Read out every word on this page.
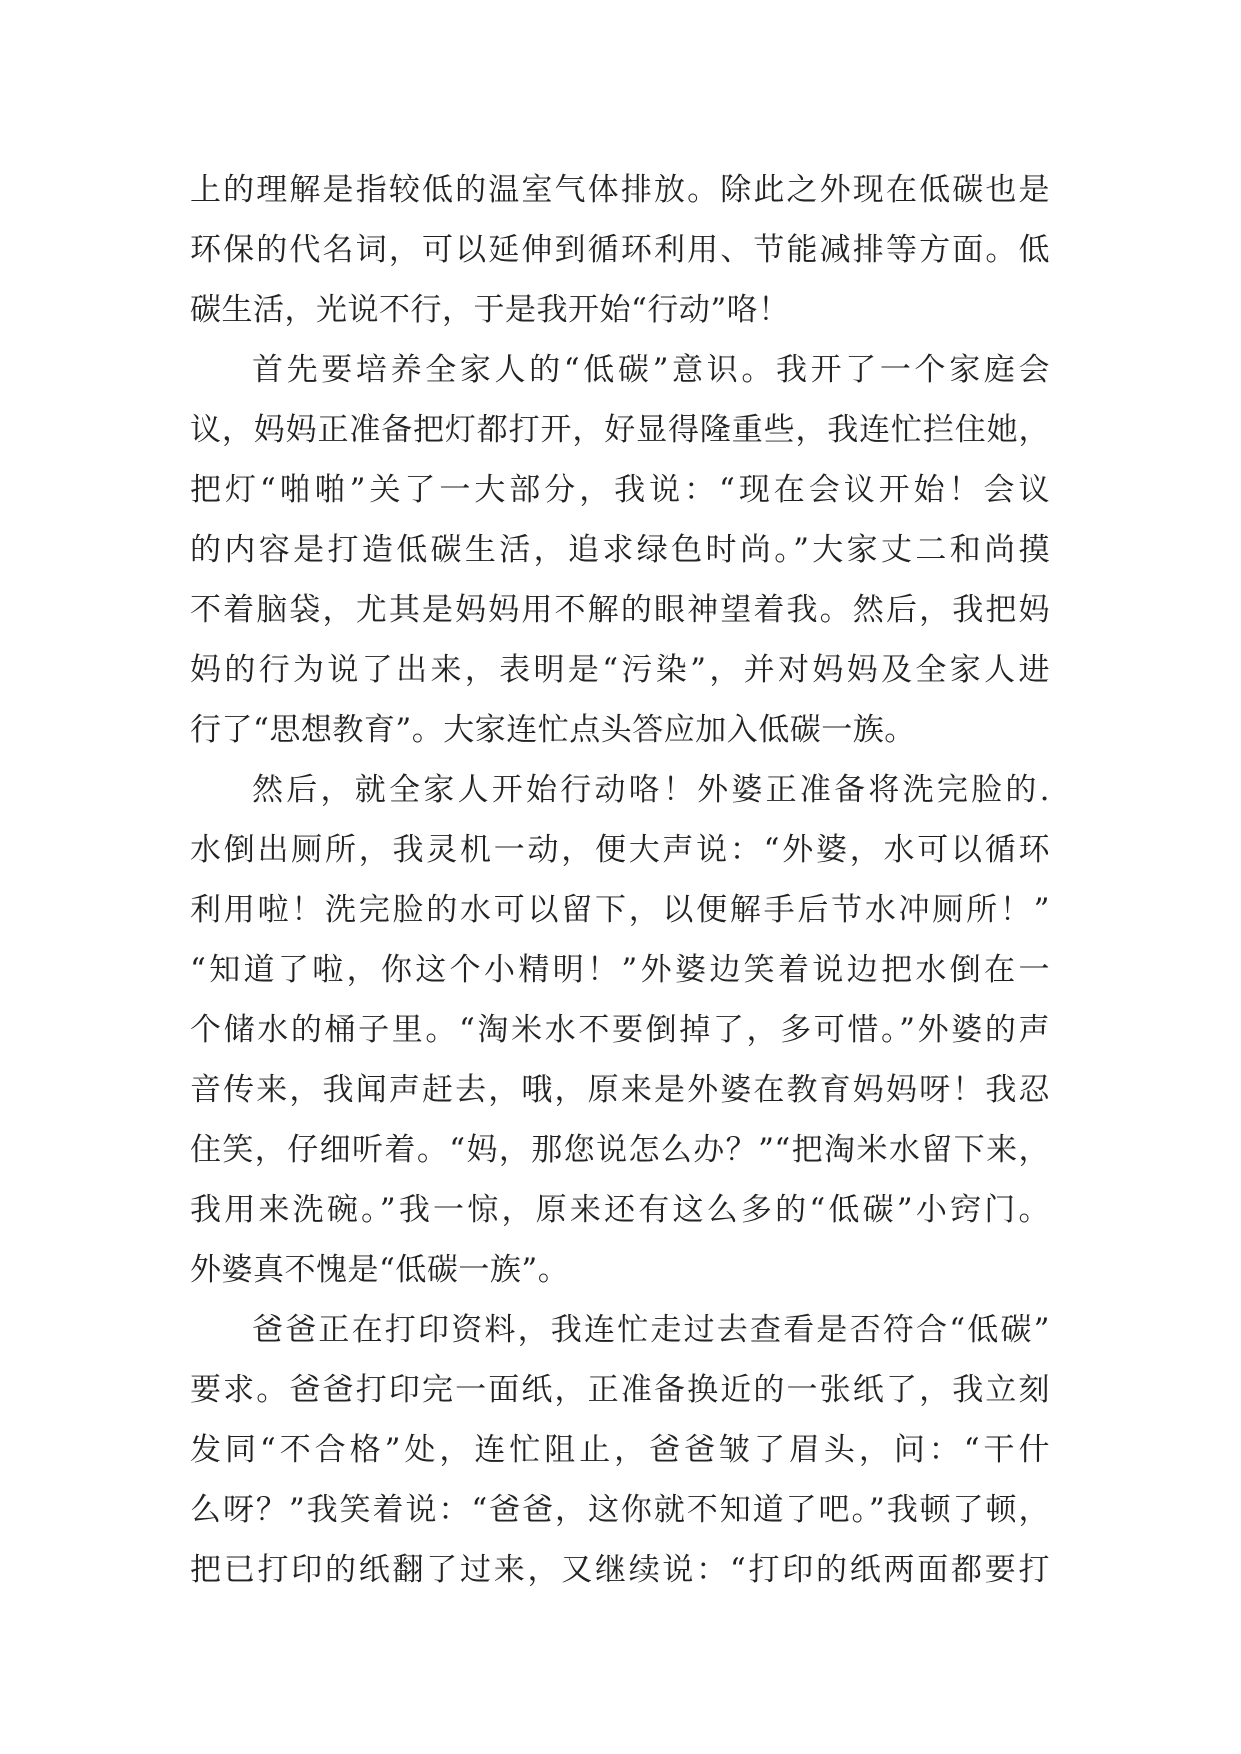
上的理解是指较低的温室气体排放。除此之外现在低碳也是
环保的代名词，可以延伸到循环利用、节能减排等方面。低
碳生活，光说不行，于是我开始“行动”咯！
首先要培养全家人的“低碳”意识。我开了一个家庭会
议，妈妈正准备把灯都打开，好显得隆重些，我连忙拦住她，
把灯“啪啪”关了一大部分，我说：“现在会议开始！会议
的内容是打造低碳生活，追求绿色时尚。”大家丈二和尚摸
不着脑袋，尤其是妈妈用不解的眼神望着我。然后，我把妈
妈的行为说了出来，表明是“污染”，并对妈妈及全家人进
行了“思想教育”。大家连忙点头答应加入低碳一族。
然后，就全家人开始行动咯！外婆正准备将洗完脸的.
水倒出厕所，我灵机一动，便大声说：“外婆，水可以循环
利用啦！洗完脸的水可以留下，以便解手后节水冲厕所！”
“知道了啦，你这个小精明！”外婆边笑着说边把水倒在一
个储水的桶子里。“淘米水不要倒掉了，多可惜。”外婆的声
音传来，我闻声赶去，哦，原来是外婆在教育妈妈呀！我忍
住笑，仔细听着。“妈，那您说怎么办？”“把淘米水留下来，
我用来洗碗。”我一惊，原来还有这么多的“低碳”小窍门。
外婆真不愧是“低碳一族”。
爸爸正在打印资料，我连忙走过去查看是否符合“低碳”
要求。爸爸打印完一面纸，正准备换近的一张纸了，我立刻
发同“不合格”处，连忙阻止，爸爸皱了眉头，问：“干什
么呀？”我笑着说：“爸爸，这你就不知道了吧。”我顿了顿，
把已打印的纸翻了过来，又继续说：“打印的纸两面都要打
